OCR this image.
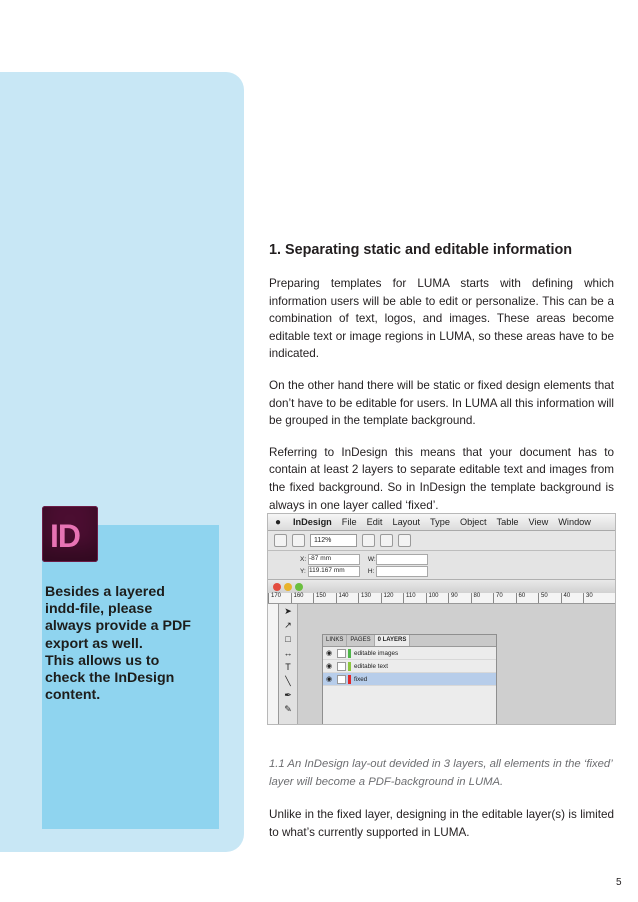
ID

Besides a layered
indd-file, please
always provide a PDF
export as well.
This allows us to
check the InDesign
content.

1. Separating static and editable information

Preparing templates for LUMA starts with defining which information users will be able to edit or personalize. This can be a combination of text, logos, and images. These areas become editable text or image regions in LUMA, so these areas have to be indicated.

On the other hand there will be static or fixed design elements that don’t have to be editable for users. In LUMA all this information will be grouped in the template background.

Referring to InDesign this means that your document has to contain at least 2 layers to separate editable text and images from the fixed background. So in InDesign the template background is always in one layer called ‘fixed’.

1.1 An InDesign lay-out devided in 3 layers, all elements in the ‘fixed’ layer will become a PDF-background in LUMA.

Unlike in the fixed layer, designing in the editable layer(s) is limited to what’s currently supported in LUMA.

●	InDesign	File	Edit	Layout	Type	Object	Table	View	Window
112%
X: -87 mm	W:
Y: 119.167 mm	H:
170	160	150	140	130	120	110	100	90	80	70	60	50	40	30
➤
↗
□
↔
T
╲
✒
✎
LINKS	PAGES	0 LAYERS
◉	editable images
◉	editable text
◉	fixed
5
